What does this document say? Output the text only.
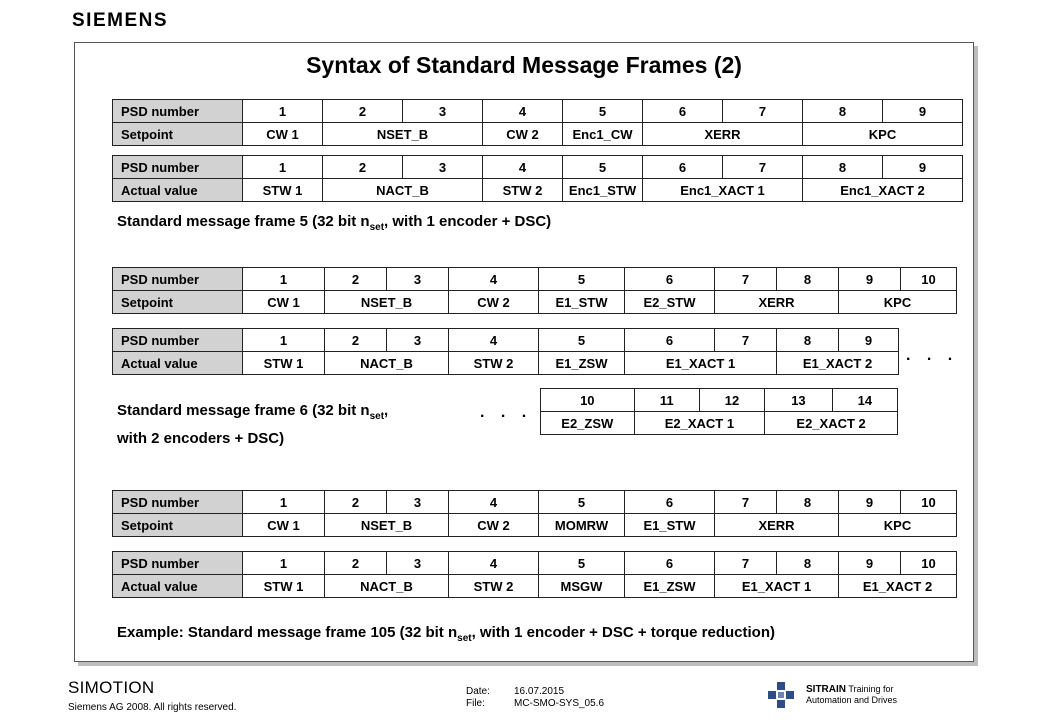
SIEMENS
Syntax of Standard Message Frames (2)
PSD number	1	2	3	4	5	6	7	8	9
Setpoint	CW 1	NSET_B		CW 2	Enc1_CW	XERR		KPC	
PSD number	1	2	3	4	5	6	7	8	9
Actual value	STW 1	NACT_B		STW 2	Enc1_STW	Enc1_XACT 1		Enc1_XACT 2	
Standard message frame 5 (32 bit $n_{set}$, with 1 encoder + DSC)
PSD number	1	2	3	4	5	6	7	8	9	10
Setpoint	CW 1	NSET_B		CW 2	E1_STW	E2_STW	XERR		KPC	
PSD number	1	2	3	4	5	6	7	8	9
Actual value	STW 1	NACT_B		STW 2	E1_ZSW	E1_XACT 1		E1_XACT 2	. . .
10	11	12	13	14
E2_ZSW	E2_XACT 1		E2_XACT 2	
Standard message frame 6 (32 bit $n_{set}$,	. . .
with 2 encoders + DSC)
PSD number	1	2	3	4	5	6	7	8	9	10
Setpoint	CW 1	NSET_B		CW 2	MOMRW	E1_STW	XERR		KPC	
PSD number	1	2	3	4	5	6	7	8	9	10
Actual value	STW 1	NACT_B		STW 2	MSGW	E1_ZSW	E1_XACT 1		E1_XACT 2	
Example: Standard message frame 105 (32 bit $n_{set}$, with 1 encoder + DSC + torque reduction)
SIMOTION
Siemens AG 2008. All rights reserved.
Date: 16.07.2015
File:	MC-SMO-SYS_05.6
SITRAIN Training for
Automation and Drives
